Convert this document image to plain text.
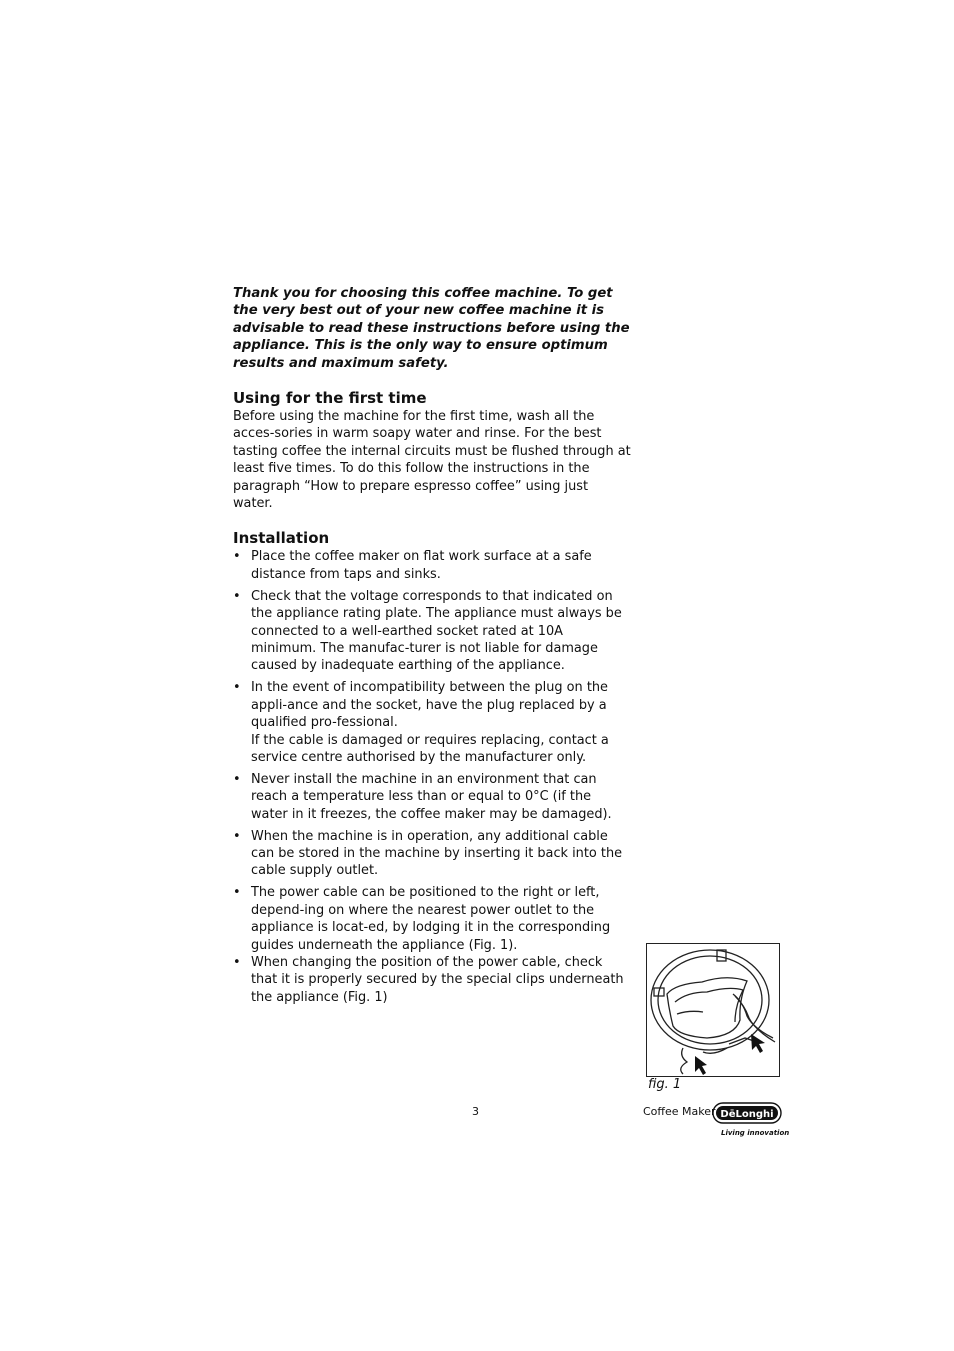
Thank you for choosing this coffee machine. To get the very best out of your new coffee machine it is advisable to read these instructions before using the appliance. This is the only way to ensure optimum results and maximum safety.

Using for the first time

Before using the machine for the first time, wash all the acces-sories in warm soapy water and rinse. For the best tasting coffee the internal circuits must be flushed through at least five times. To do this follow the instructions in the paragraph “How to prepare espresso coffee” using just water.

Installation
• Place the coffee maker on flat work surface at a safe distance from taps and sinks.
• Check that the voltage corresponds to that indicated on the appliance rating plate. The appliance must always be connected to a well-earthed socket rated at 10A minimum. The manufac-turer is not liable for damage caused by inadequate earthing of the appliance.
• In the event of incompatibility between the plug on the appli-ance and the socket, have the plug replaced by a qualified pro-fessional.
If the cable is damaged or requires replacing, contact a service centre authorised by the manufacturer only.
• Never install the machine in an environment that can reach a temperature less than or equal to 0°C (if the water in it freezes, the coffee maker may be damaged).
• When the machine is in operation, any additional cable can be stored in the machine by inserting it back into the cable supply outlet.
• The power cable can be positioned to the right or left, depend-ing on where the nearest power outlet to the appliance is locat-ed, by lodging it in the corresponding guides underneath the appliance (Fig. 1).
• When changing the position of the power cable, check that it is properly secured by the special clips underneath the appliance (Fig. 1)
fig. 1
3	Coffee Maker DēLonghi
Living innovation
